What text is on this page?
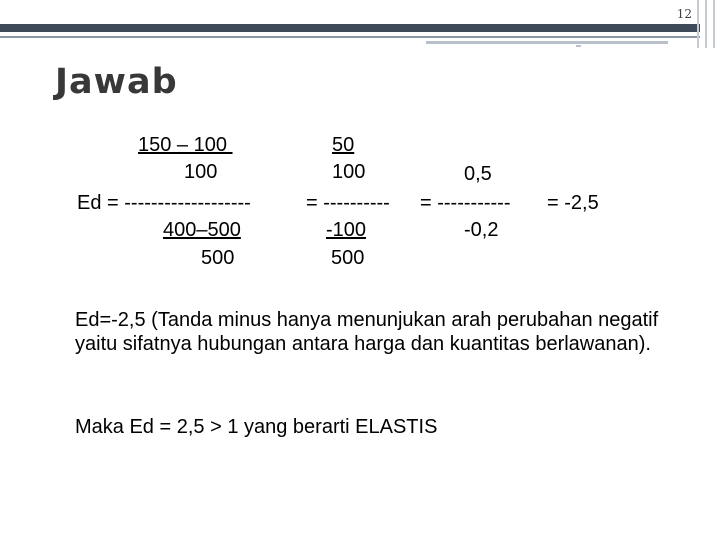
12
Jawab
150 – 100
100
Ed = -------------------
400–500
500
50
100
= ----------
-100
500
0,5
= -----------
-0,2
= -2,5
Ed=-2,5 (Tanda minus hanya menunjukan arah perubahan negatif yaitu sifatnya hubungan antara harga dan kuantitas berlawanan).
Maka Ed = 2,5 > 1 yang berarti ELASTIS
